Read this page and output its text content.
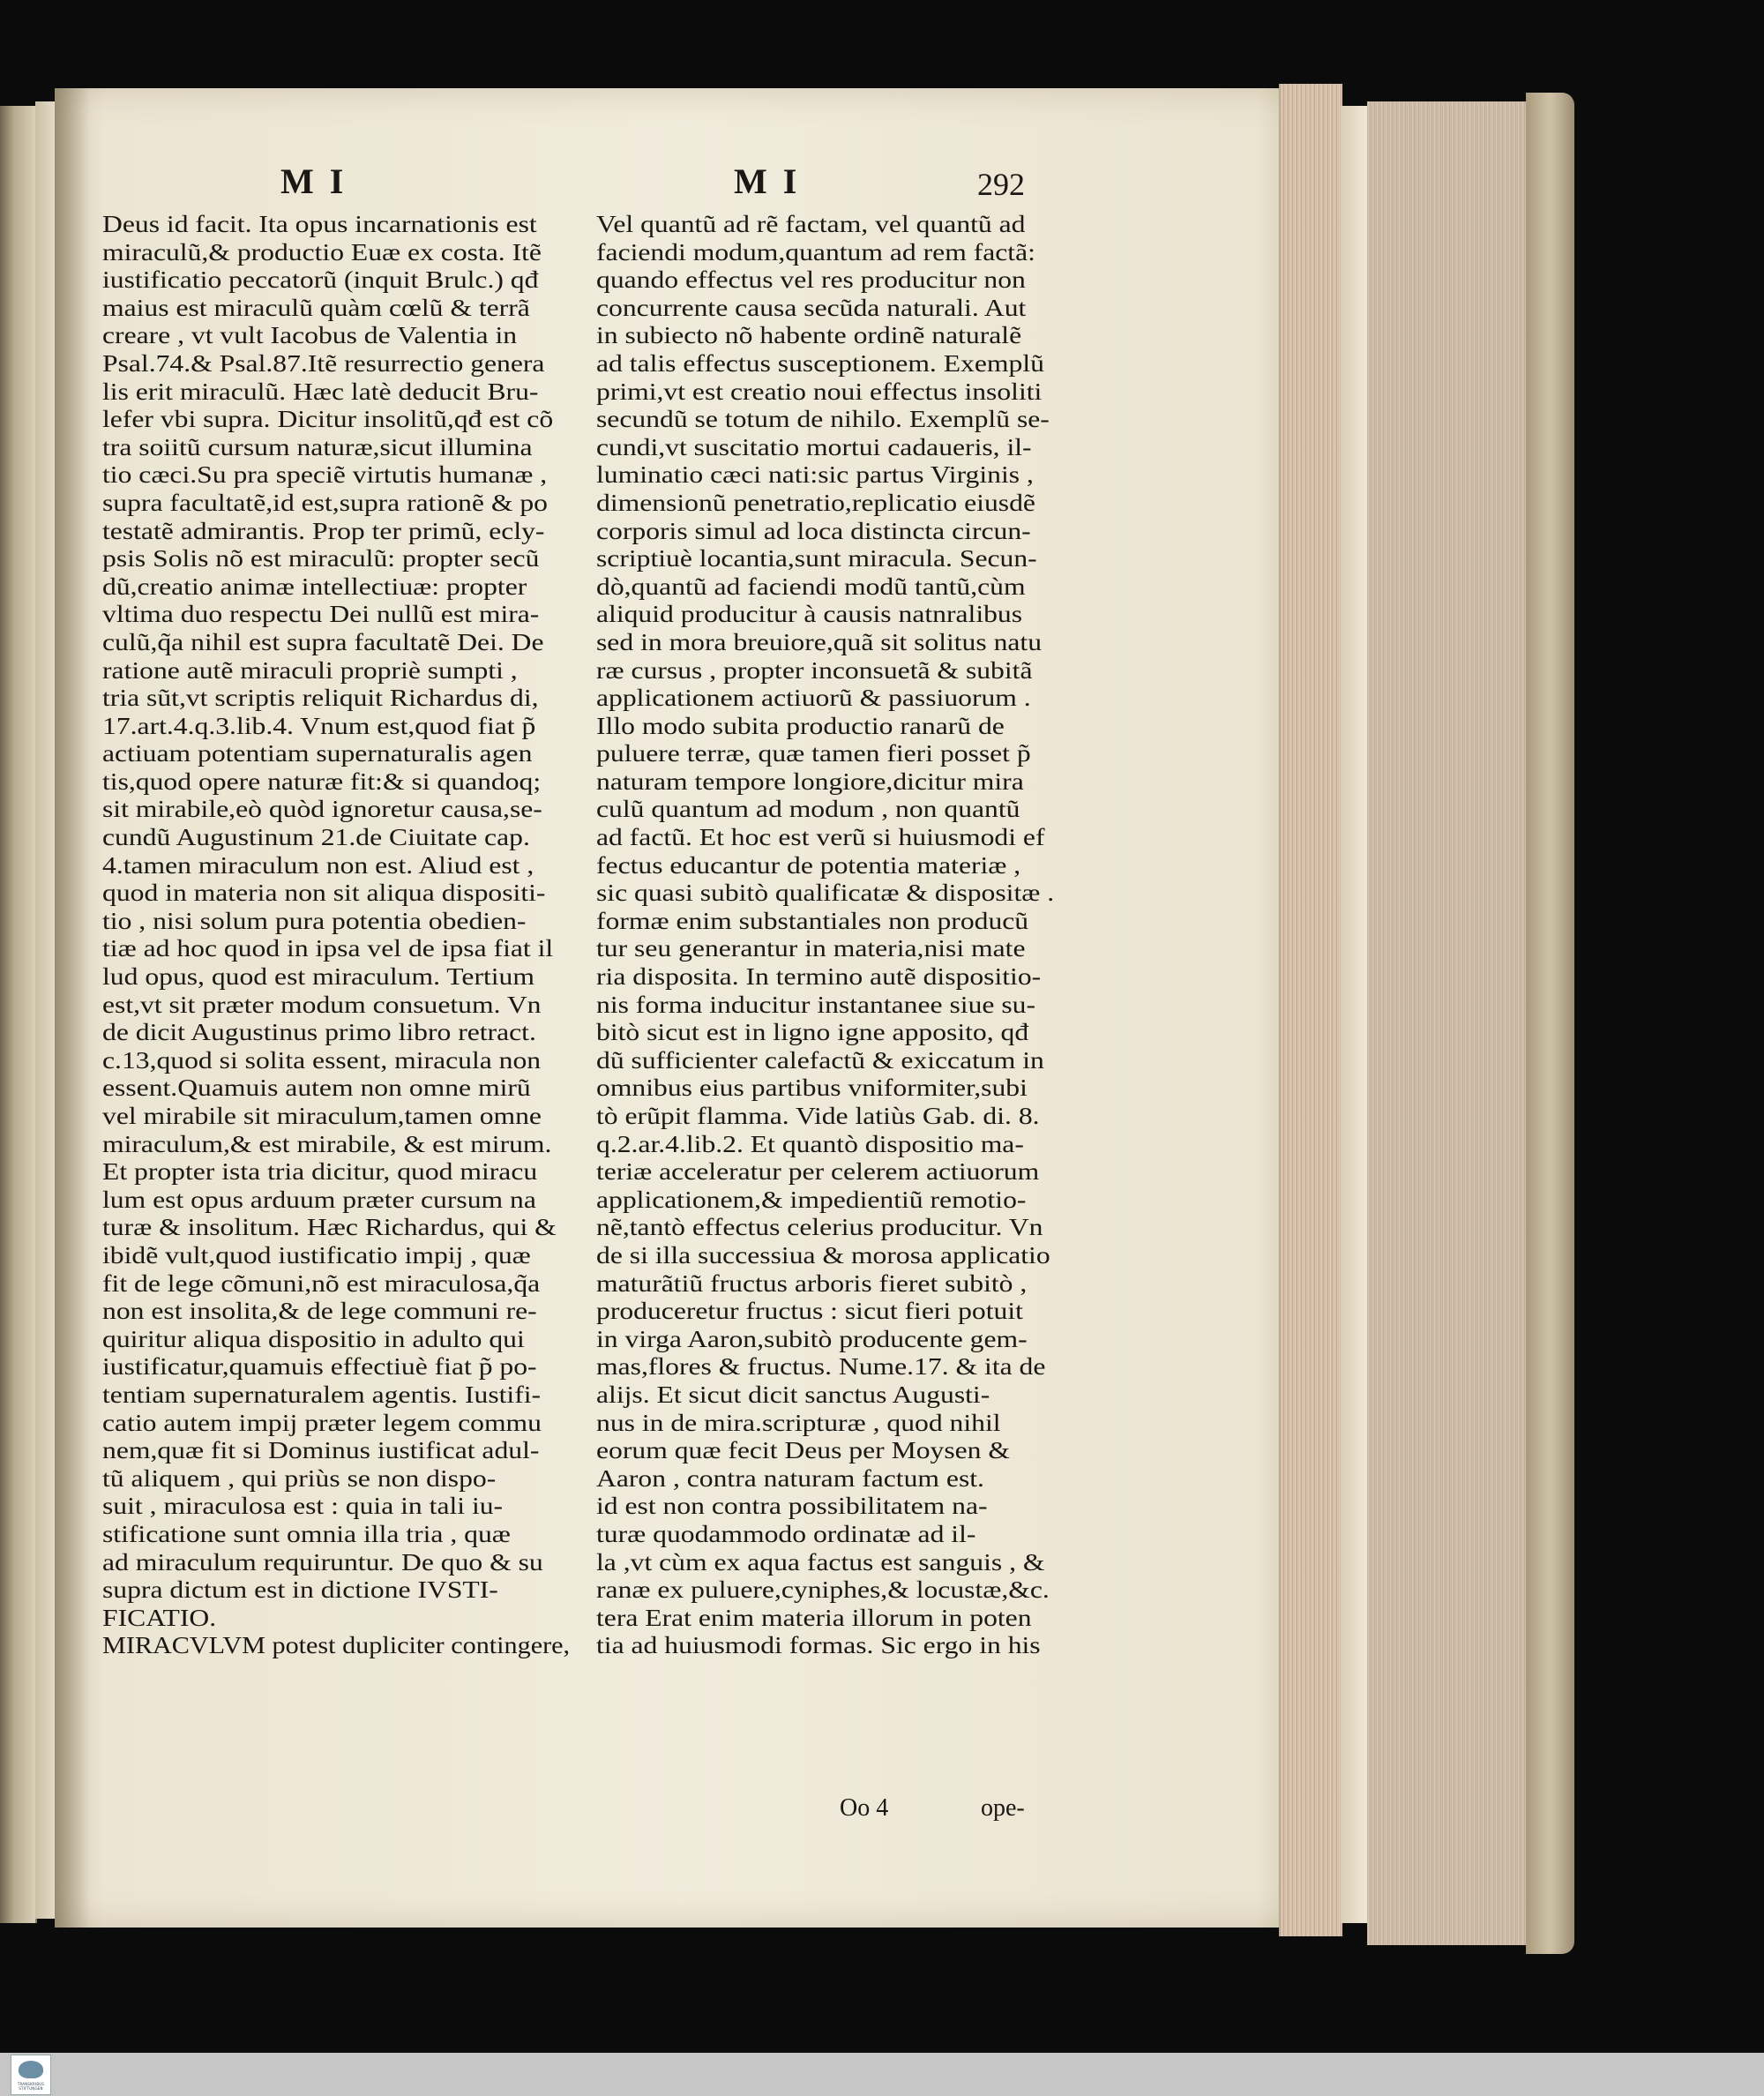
MI	MI	292
Deus id facit. Ita opus incarnationis est
miraculũ,& productio Euæ ex costa. Itẽ
iustificatio peccatorũ (inquit Brulc.) qđ
maius est miraculũ quàm cœlũ & terrã
creare , vt vult Iacobus de Valentia in
Psal.74.& Psal.87.Itẽ resurrectio genera
lis erit miraculũ. Hæc latè deducit Bru-
lefer vbi supra. Dicitur insolitũ,qđ est cõ
tra soiitũ cursum naturæ,sicut illumina
tio cæci.Su pra speciẽ virtutis humanæ ,
supra facultatẽ,id est,supra rationẽ & po
testatẽ admirantis. Prop ter primũ, ecly-
psis Solis nõ est miraculũ: propter secũ
dũ,creatio animæ intellectiuæ: propter
vltima duo respectu Dei nullũ est mira-
culũ,q̃a nihil est supra facultatẽ Dei. De
ratione autẽ miraculi propriè sumpti ,
tria sũt,vt scriptis reliquit Richardus di,
17.art.4.q.3.lib.4. Vnum est,quod fiat p̃
actiuam potentiam supernaturalis agen
tis,quod opere naturæ fit:& si quandoq;
sit mirabile,eò quòd ignoretur causa,se-
cundũ Augustinum 21.de Ciuitate cap.
4.tamen miraculum non est. Aliud est ,
quod in materia non sit aliqua dispositi-
tio , nisi solum pura potentia obedien-
tiæ ad hoc quod in ipsa vel de ipsa fiat il
lud opus, quod est miraculum. Tertium
est,vt sit præter modum consuetum. Vn
de dicit Augustinus primo libro retract.
c.13,quod si solita essent, miracula non
essent.Quamuis autem non omne mirũ
vel mirabile sit miraculum,tamen omne
miraculum,& est mirabile, & est mirum.
Et propter ista tria dicitur, quod miracu
lum est opus arduum præter cursum na
turæ & insolitum. Hæc Richardus, qui &
ibidẽ vult,quod iustificatio impij , quæ
fit de lege cõmuni,nõ est miraculosa,q̃a
non est insolita,& de lege communi re-
quiritur aliqua dispositio in adulto qui
iustificatur,quamuis effectiuè fiat p̃ po-
tentiam supernaturalem agentis. Iustifi-
catio autem impij præter legem commu
nem,quæ fit si Dominus iustificat adul-
tũ aliquem , qui priùs se non dispo-
suit , miraculosa est : quia in tali iu-
stificatione sunt omnia illa tria , quæ
ad miraculum requiruntur. De quo & su
supra dictum est in dictione IVSTI-
FICATIO.
MIRACVLVM potest dupliciter contingere,
Vel quantũ ad rẽ factam, vel quantũ ad
faciendi modum,quantum ad rem factã:
quando effectus vel res producitur non
concurrente causa secũda naturali. Aut
in subiecto nõ habente ordinẽ naturalẽ
ad talis effectus susceptionem. Exemplũ
primi,vt est creatio noui effectus insoliti
secundũ se totum de nihilo. Exemplũ se-
cundi,vt suscitatio mortui cadaueris, il-
luminatio cæci nati:sic partus Virginis ,
dimensionũ penetratio,replicatio eiusdẽ
corporis simul ad loca distincta circun-
scriptiuè locantia,sunt miracula. Secun-
dò,quantũ ad faciendi modũ tantũ,cùm
aliquid producitur à causis natnralibus
sed in mora breuiore,quã sit solitus natu
ræ cursus , propter inconsuetã & subitã
applicationem actiuorũ & passiuorum .
Illo modo subita productio ranarũ de
puluere terræ, quæ tamen fieri posset p̃
naturam tempore longiore,dicitur mira
culũ quantum ad modum , non quantũ
ad factũ. Et hoc est verũ si huiusmodi ef
fectus educantur de potentia materiæ ,
sic quasi subitò qualificatæ & dispositæ .
formæ enim substantiales non producũ
tur seu generantur in materia,nisi mate
ria disposita. In termino autẽ dispositio-
nis forma inducitur instantanee siue su-
bitò sicut est in ligno igne apposito, qđ
dũ sufficienter calefactũ & exiccatum in
omnibus eius partibus vniformiter,subi
tò erũpit flamma. Vide latiùs Gab. di. 8.
q.2.ar.4.lib.2. Et quantò dispositio ma-
teriæ acceleratur per celerem actiuorum
applicationem,& impedientiũ remotio-
nẽ,tantò effectus celerius producitur. Vn
de si illa successiua & morosa applicatio
maturãtiũ fructus arboris fieret subitò ,
produceretur fructus : sicut fieri potuit
in virga Aaron,subitò producente gem-
mas,flores & fructus. Nume.17. & ita de
alijs. Et sicut dicit sanctus Augusti-
nus in de mira.scripturæ , quod nihil
eorum quæ fecit Deus per Moysen &
Aaron , contra naturam factum est.
id est non contra possibilitatem na-
turæ quodammodo ordinatæ ad il-
la ,vt cùm ex aqua factus est sanguis , &
ranæ ex puluere,cyniphes,& locustæ,&c.
tera Erat enim materia illorum in poten
tia ad huiusmodi formas. Sic ergo in his
Oo 4	ope-
TRANSKRIBUS STIFTUNGEN
